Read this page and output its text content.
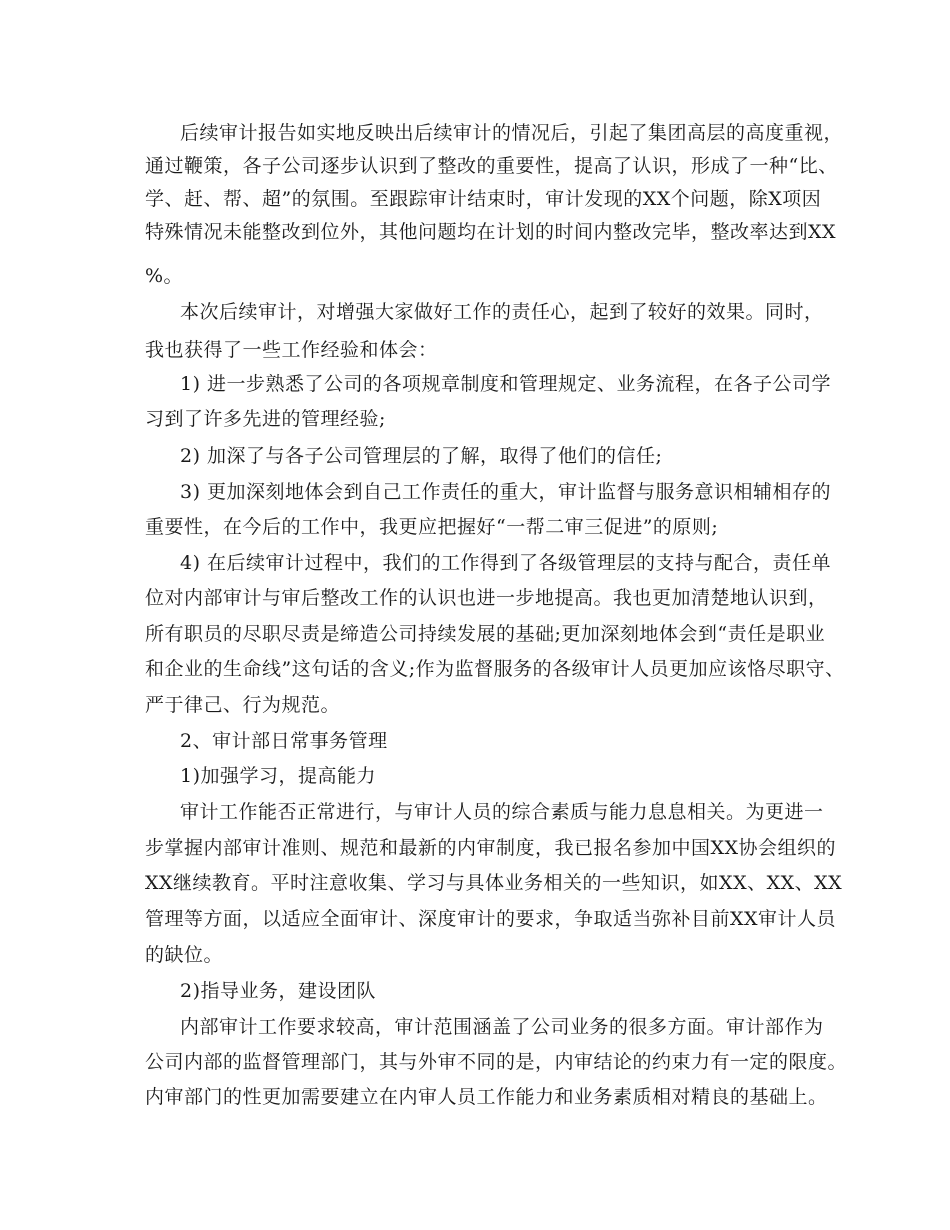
后续审计报告如实地反映出后续审计的情况后，引起了集团高层的高度重视，
通过鞭策，各子公司逐步认识到了整改的重要性，提高了认识，形成了一种“比、
学、赶、帮、超”的氛围。至跟踪审计结束时，审计发现的XX个问题，除X项因
特殊情况未能整改到位外，其他问题均在计划的时间内整改完毕，整改率达到XX
%。
本次后续审计，对增强大家做好工作的责任心，起到了较好的效果。同时，
我也获得了一些工作经验和体会：
1) 进一步熟悉了公司的各项规章制度和管理规定、业务流程，在各子公司学
习到了许多先进的管理经验;
2) 加深了与各子公司管理层的了解，取得了他们的信任;
3) 更加深刻地体会到自己工作责任的重大，审计监督与服务意识相辅相存的
重要性，在今后的工作中，我更应把握好“一帮二审三促进”的原则;
4) 在后续审计过程中，我们的工作得到了各级管理层的支持与配合，责任单
位对内部审计与审后整改工作的认识也进一步地提高。我也更加清楚地认识到，
所有职员的尽职尽责是缔造公司持续发展的基础;更加深刻地体会到“责任是职业
和企业的生命线”这句话的含义;作为监督服务的各级审计人员更加应该恪尽职守、
严于律己、行为规范。
2、审计部日常事务管理
1)加强学习，提高能力
审计工作能否正常进行，与审计人员的综合素质与能力息息相关。为更进一
步掌握内部审计准则、规范和最新的内审制度，我已报名参加中国XX协会组织的
XX继续教育。平时注意收集、学习与具体业务相关的一些知识，如XX、XX、XX
管理等方面，以适应全面审计、深度审计的要求，争取适当弥补目前XX审计人员
的缺位。
2)指导业务，建设团队
内部审计工作要求较高，审计范围涵盖了公司业务的很多方面。审计部作为
公司内部的监督管理部门，其与外审不同的是，内审结论的约束力有一定的限度。
内审部门的性更加需要建立在内审人员工作能力和业务素质相对精良的基础上。
